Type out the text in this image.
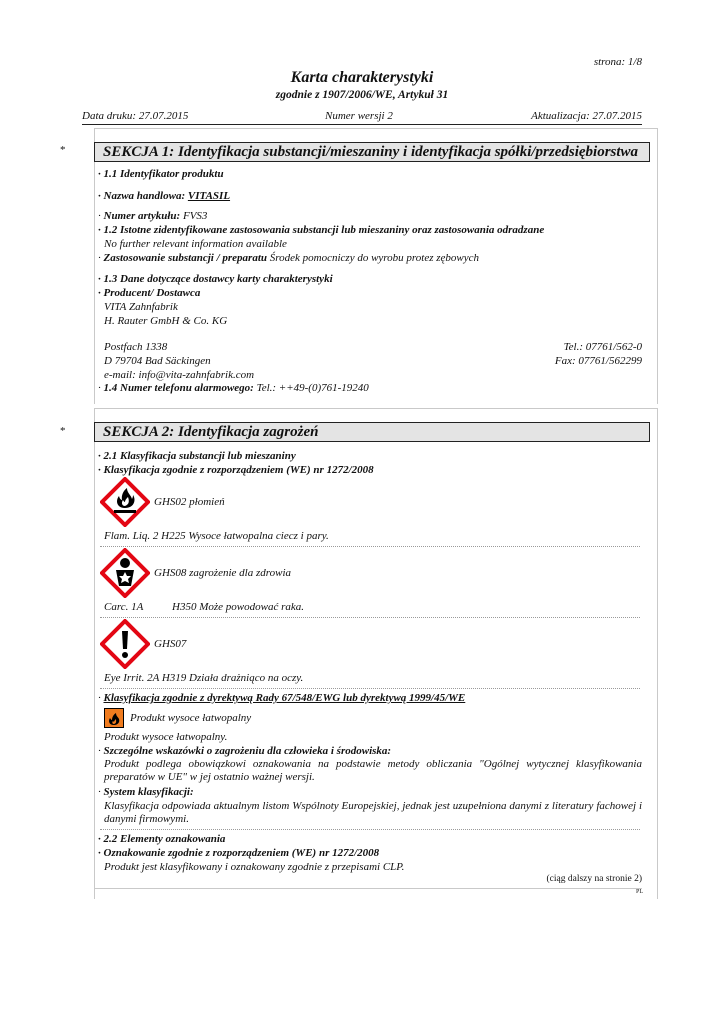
strona: 1/8
Karta charakterystyki
zgodnie z 1907/2006/WE, Artykuł 31
Data druku: 27.07.2015	Numer wersji 2	Aktualizacja: 27.07.2015
*	SEKCJA 1: Identyfikacja substancji/mieszaniny i identyfikacja spółki/przedsiębiorstwa
· 1.1 Identyfikator produktu
· Nazwa handlowa: VITASIL
· Numer artykułu: FVS3
· 1.2 Istotne zidentyfikowane zastosowania substancji lub mieszaniny oraz zastosowania odradzane
No further relevant information available
· Zastosowanie substancji / preparatu Środek pomocniczy do wyrobu protez zębowych
· 1.3 Dane dotyczące dostawcy karty charakterystyki
· Producent/ Dostawca
VITA Zahnfabrik
H. Rauter GmbH & Co. KG
Postfach 1338	Tel.: 07761/562-0
D 79704 Bad Säckingen	Fax: 07761/562299
e-mail: info@vita-zahnfabrik.com
· 1.4 Numer telefonu alarmowego: Tel.: ++49-(0)761-19240
*	SEKCJA 2: Identyfikacja zagrożeń
· 2.1 Klasyfikacja substancji lub mieszaniny
· Klasyfikacja zgodnie z rozporządzeniem (WE) nr 1272/2008
GHS02 płomień
Flam. Liq. 2 H225 Wysoce łatwopalna ciecz i pary.
GHS08 zagrożenie dla zdrowia
Carc. 1A	H350 Może powodować raka.
GHS07
Eye Irrit. 2A H319 Działa drażniąco na oczy.
· Klasyfikacja zgodnie z dyrektywą Rady 67/548/EWG lub dyrektywą 1999/45/WE
Produkt wysoce łatwopalny
Produkt wysoce łatwopalny.
· Szczególne wskazówki o zagrożeniu dla człowieka i środowiska:
Produkt podlega obowiązkowi oznakowania na podstawie metody obliczania "Ogólnej wytycznej klasyfikowania preparatów w UE" w jej ostatnio ważnej wersji.
· System klasyfikacji:
Klasyfikacja odpowiada aktualnym listom Wspólnoty Europejskiej, jednak jest uzupełniona danymi z literatury fachowej i danymi firmowymi.
· 2.2 Elementy oznakowania
· Oznakowanie zgodnie z rozporządzeniem (WE) nr 1272/2008
Produkt jest klasyfikowany i oznakowany zgodnie z przepisami CLP.
(ciąg dalszy na stronie 2)
PL
